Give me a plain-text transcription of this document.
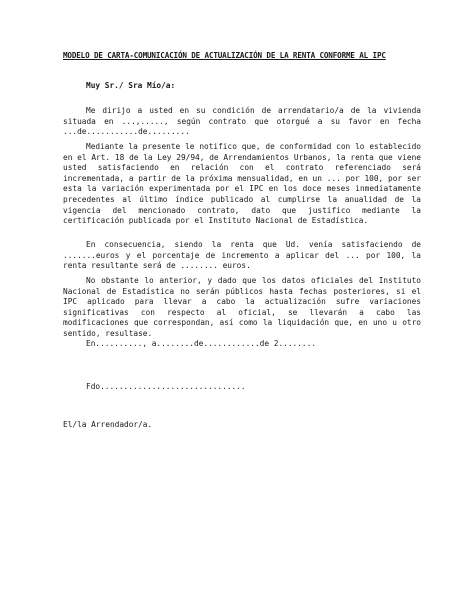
MODELO DE CARTA-COMUNICACIÓN DE ACTUALIZACIÓN DE LA RENTA CONFORME AL IPC
Muy Sr./ Sra Mío/a:

Me dirijo a usted en su condición de arrendatario/a de la vivienda situada en ...,....., según contrato que otorgué a su favor en fecha ...de...........de.........

Mediante la presente le notifico que, de conformidad con lo establecido en el Art. 18 de la Ley 29/94, de Arrendamientos Urbanos, la renta que viene usted satisfaciendo en relación con el contrato referenciado será incrementada, a partir de la próxima mensualidad, en un ... por 100, por ser esta la variación experimentada por el IPC en los doce meses inmediatamente precedentes al último índice publicado al cumplirse la anualidad de la vigencia del mencionado contrato, dato que justifico mediante la certificación publicada por el Instituto Nacional de Estadística.

En consecuencia, siendo la renta que Ud. venía satisfaciendo de .......euros y el porcentaje de incremento a aplicar del ... por 100, la renta resultante será de ........ euros.

No obstante lo anterior, y dado que los datos oficiales del Instituto Nacional de Estadística no serán públicos hasta fechas posteriores, si el IPC aplicado para llevar a cabo la actualización sufre variaciones significativas con respecto al oficial, se llevarán a cabo las modificaciones que correspondan, así como la liquidación que, en uno u otro sentido, resultase.

En.........., a........de............de 2........
Fdo...............................
El/la Arrendador/a.
